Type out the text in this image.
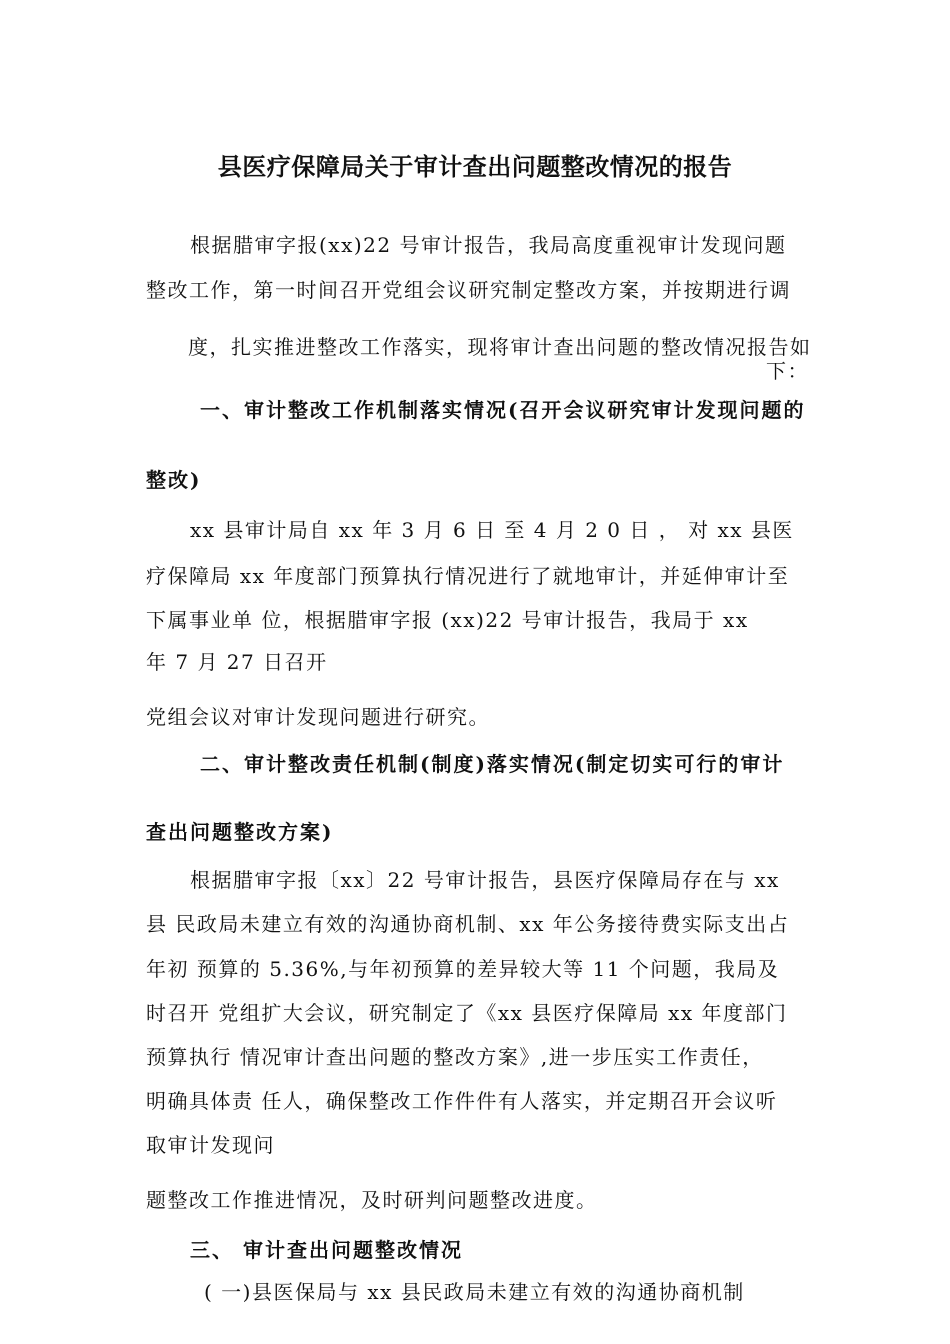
县医疗保障局关于审计查出问题整改情况的报告
根据腊审字报(xx)22 号审计报告，我局高度重视审计发现问题
整改工作，第一时间召开党组会议研究制定整改方案，并按期进行调
度，扎实推进整改工作落实，现将审计查出问题的整改情况报告如
下：
一、审计整改工作机制落实情况(召开会议研究审计发现问题的
整改)
xx 县审计局自 xx 年 3 月 6 日 至 4 月 2 0 日 ， 对 xx 县医
疗保障局 xx 年度部门预算执行情况进行了就地审计，并延伸审计至
下属事业单 位，根据腊审字报 (xx)22 号审计报告，我局于 xx
年 7 月 27 日召开
党组会议对审计发现问题进行研究。
二、审计整改责任机制(制度)落实情况(制定切实可行的审计
查出问题整改方案)
根据腊审字报〔xx〕22 号审计报告，县医疗保障局存在与 xx
县 民政局未建立有效的沟通协商机制、xx 年公务接待费实际支出占
年初 预算的 5.36%,与年初预算的差异较大等 11 个问题，我局及
时召开 党组扩大会议，研究制定了《xx 县医疗保障局 xx 年度部门
预算执行 情况审计查出问题的整改方案》,进一步压实工作责任，
明确具体责 任人，确保整改工作件件有人落实，并定期召开会议听
取审计发现问
题整改工作推进情况，及时研判问题整改进度。
三、 审计查出问题整改情况
( 一)县医保局与 xx 县民政局未建立有效的沟通协商机制
